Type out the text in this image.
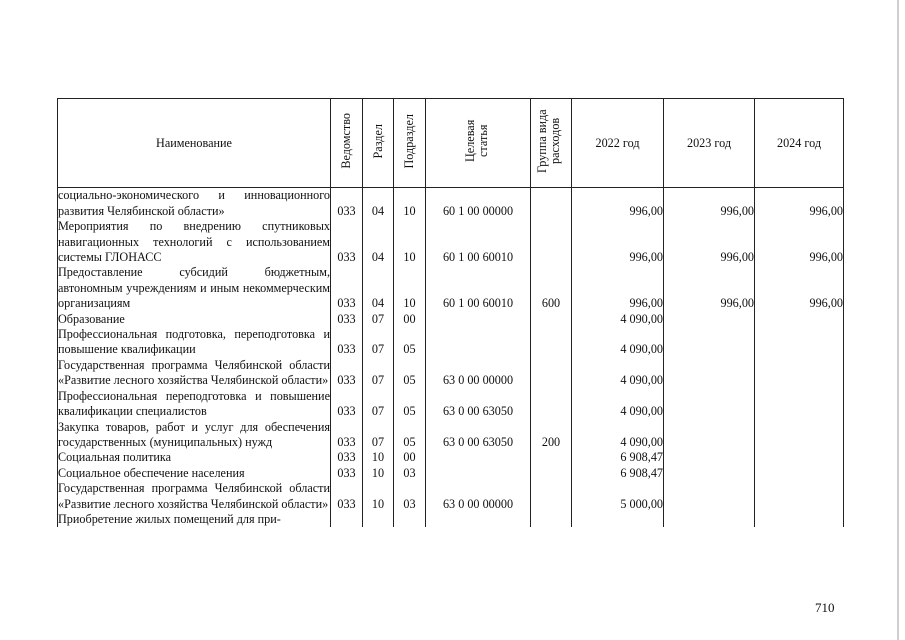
Наименование	Ведомство	Раздел	Подраздел	Целевая статья	Группа вида расходов	2022 год	2023 год	2024 год
социально-экономического и инновационного развития Челябинской области»	033	04	10	60 1 00 00000		996,00	996,00	996,00
Мероприятия по внедрению спутниковых навигационных технологий с использованием системы ГЛОНАСС	033	04	10	60 1 00 60010		996,00	996,00	996,00
Предоставление субсидий бюджетным, автономным учреждениям и иным некоммерческим организациям	033	04	10	60 1 00 60010	600	996,00	996,00	996,00
Образование	033	07	00			4 090,00		
Профессиональная подготовка, переподготовка и повышение квалификации	033	07	05			4 090,00		
Государственная программа Челябинской области «Развитие лесного хозяйства Челябинской области»	033	07	05	63 0 00 00000		4 090,00		
Профессиональная переподготовка и повышение квалификации специалистов	033	07	05	63 0 00 63050		4 090,00		
Закупка товаров, работ и услуг для обеспечения государственных (муниципальных) нужд	033	07	05	63 0 00 63050	200	4 090,00		
Социальная политика	033	10	00			6 908,47		
Социальное обеспечение населения	033	10	03			6 908,47		
Государственная программа Челябинской области «Развитие лесного хозяйства Челябинской области»	033	10	03	63 0 00 00000		5 000,00		
Приобретение жилых помещений для при-								
710
